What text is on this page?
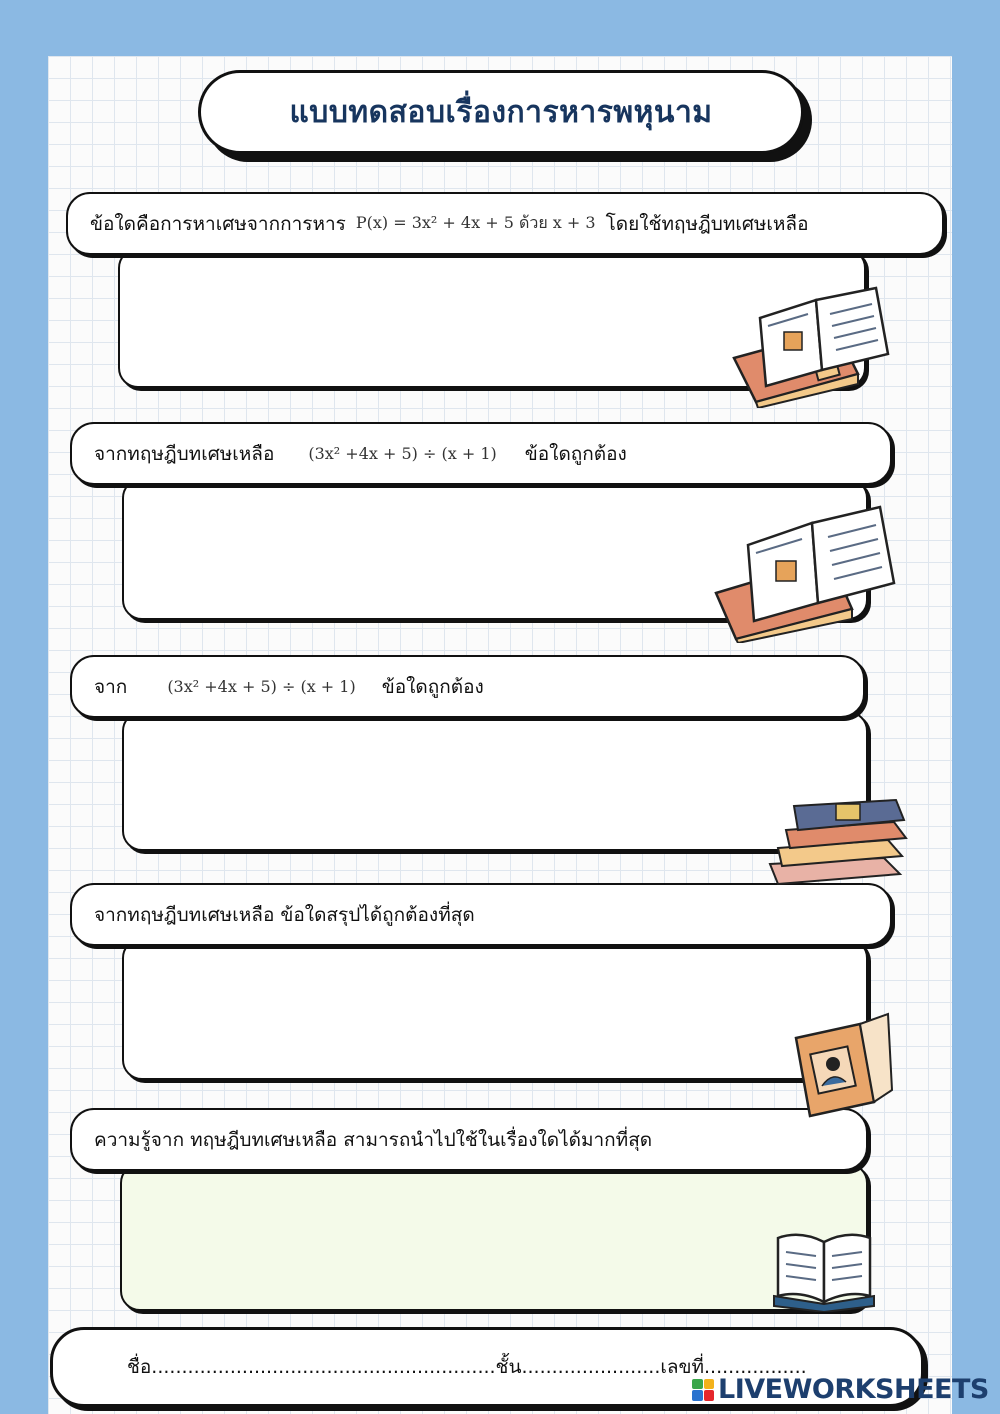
แบบทดสอบเรื่องการหารพหุนาม
ข้อใดคือการหาเศษจากการหาร P(x) = 3x² + 4x + 5 ด้วย x + 3 โดยใช้ทฤษฎีบทเศษเหลือ
จากทฤษฎีบทเศษเหลือ (3x² +4x + 5) ÷ (x + 1) ข้อใดถูกต้อง
จาก	(3x² +4x + 5) ÷ (x + 1) ข้อใดถูกต้อง
จากทฤษฎีบทเศษเหลือ ข้อใดสรุปได้ถูกต้องที่สุด
ความรู้จาก ทฤษฎีบทเศษเหลือ สามารถนำไปใช้ในเรื่องใดได้มากที่สุด
ชื่อ.........................................................ชั้น.......................เลขที่.................
LIVEWORKSHEETS
